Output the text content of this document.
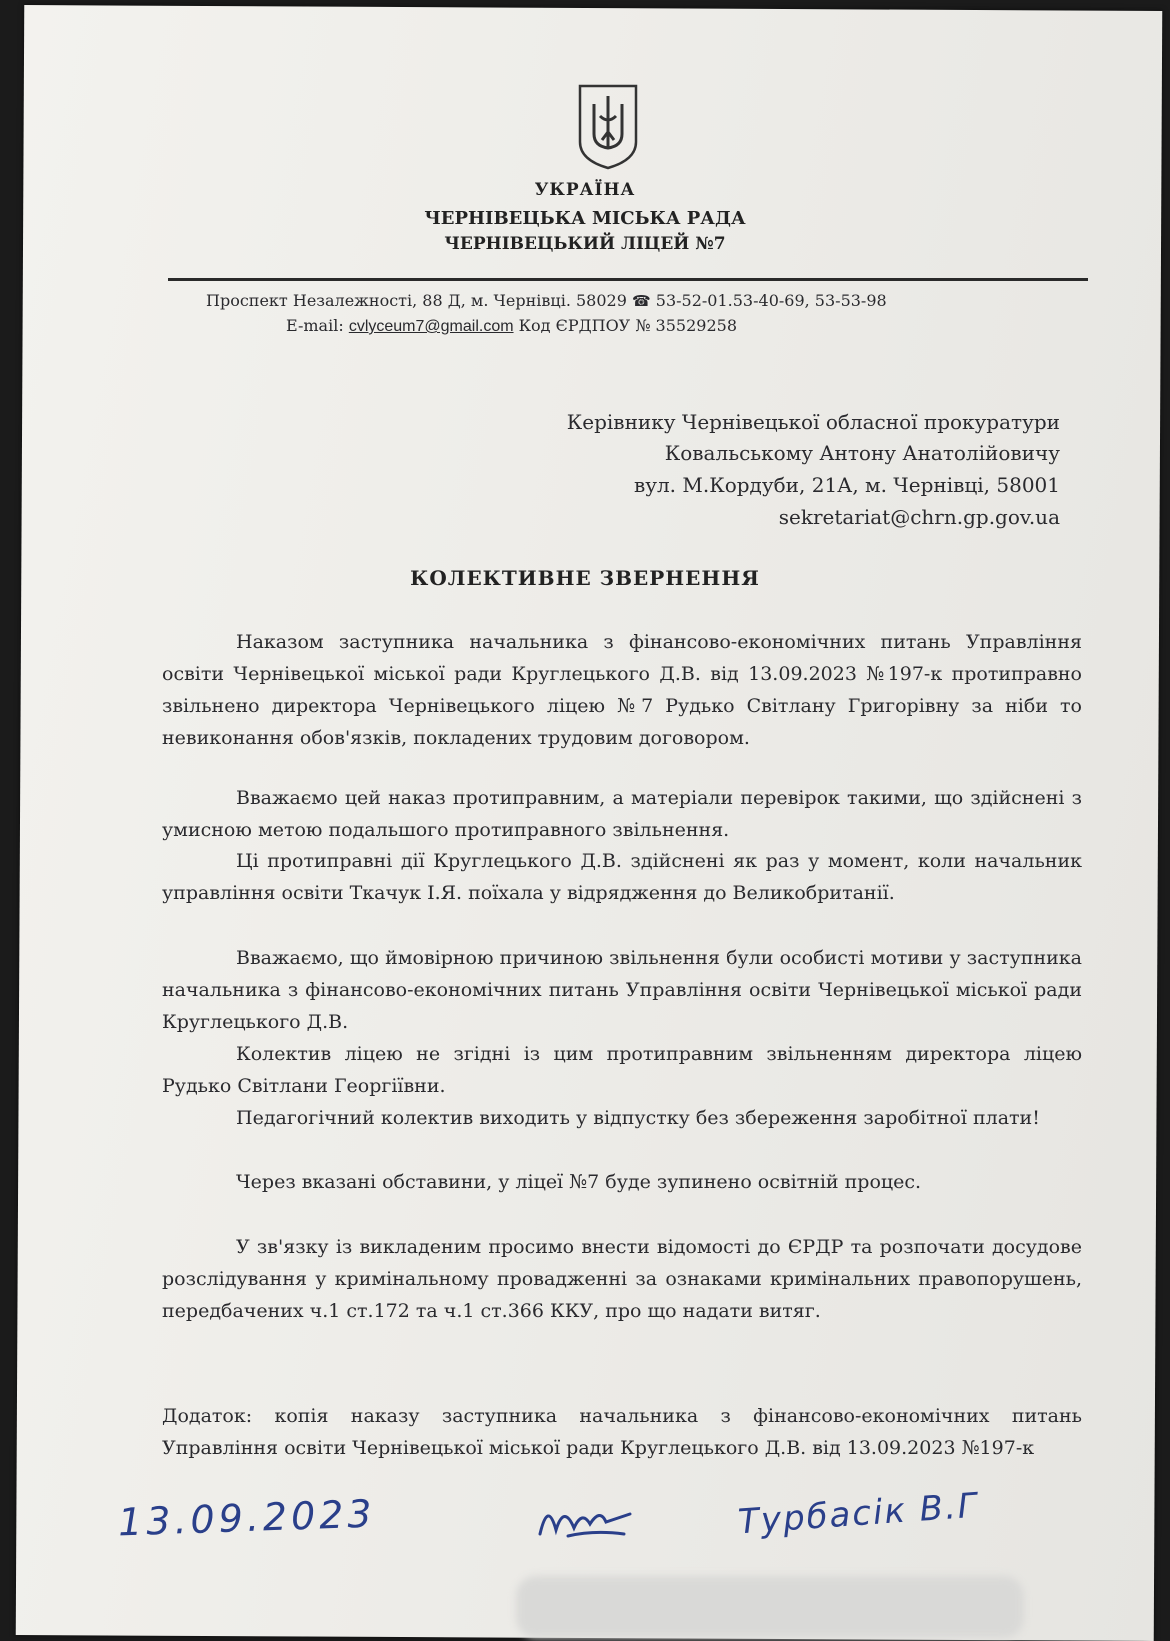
УКРАЇНА
ЧЕРНІВЕЦЬКА МІСЬКА РАДА
ЧЕРНІВЕЦЬКИЙ ЛІЦЕЙ №7
Проспект Незалежності, 88 Д, м. Чернівці. 58029 ☎ 53-52-01.53-40-69, 53-53-98
E-mail: cvlyceum7@gmail.com Код ЄРДПОУ № 35529258
Керівнику Чернівецької обласної прокуратури
Ковальському Антону Анатолійовичу
вул. М.Кордуби, 21А, м. Чернівці, 58001
sekretariat@chrn.gp.gov.ua
КОЛЕКТИВНЕ ЗВЕРНЕННЯ
Наказом заступника начальника з фінансово-економічних питань Управління освіти Чернівецької міської ради Круглецького Д.В. від 13.09.2023 №197-к протиправно звільнено директора Чернівецького ліцею №7 Рудько Світлану Григорівну за ніби то невиконання обов'язків, покладених трудовим договором.
Вважаємо цей наказ протиправним, а матеріали перевірок такими, що здійснені з умисною метою подальшого протиправного звільнення.
Ці протиправні дії Круглецького Д.В. здійснені як раз у момент, коли начальник управління освіти Ткачук І.Я. поїхала у відрядження до Великобританії.
Вважаємо, що ймовірною причиною звільнення були особисті мотиви у заступника начальника з фінансово-економічних питань Управління освіти Чернівецької міської ради Круглецького Д.В.
Колектив ліцею не згідні із цим протиправним звільненням директора ліцею Рудько Світлани Георгіївни.
Педагогічний колектив виходить у відпустку без збереження заробітної плати!
Через вказані обставини, у ліцеї №7 буде зупинено освітній процес.
У зв'язку із викладеним просимо внести відомості до ЄРДР та розпочати досудове розслідування у кримінальному провадженні за ознаками кримінальних правопорушень, передбачених ч.1 ст.172 та ч.1 ст.366 ККУ, про що надати витяг.
Додаток: копія наказу заступника начальника з фінансово-економічних питань Управління освіти Чернівецької міської ради Круглецького Д.В. від 13.09.2023 №197-к
13.09.2023	Турбасік В.Г
